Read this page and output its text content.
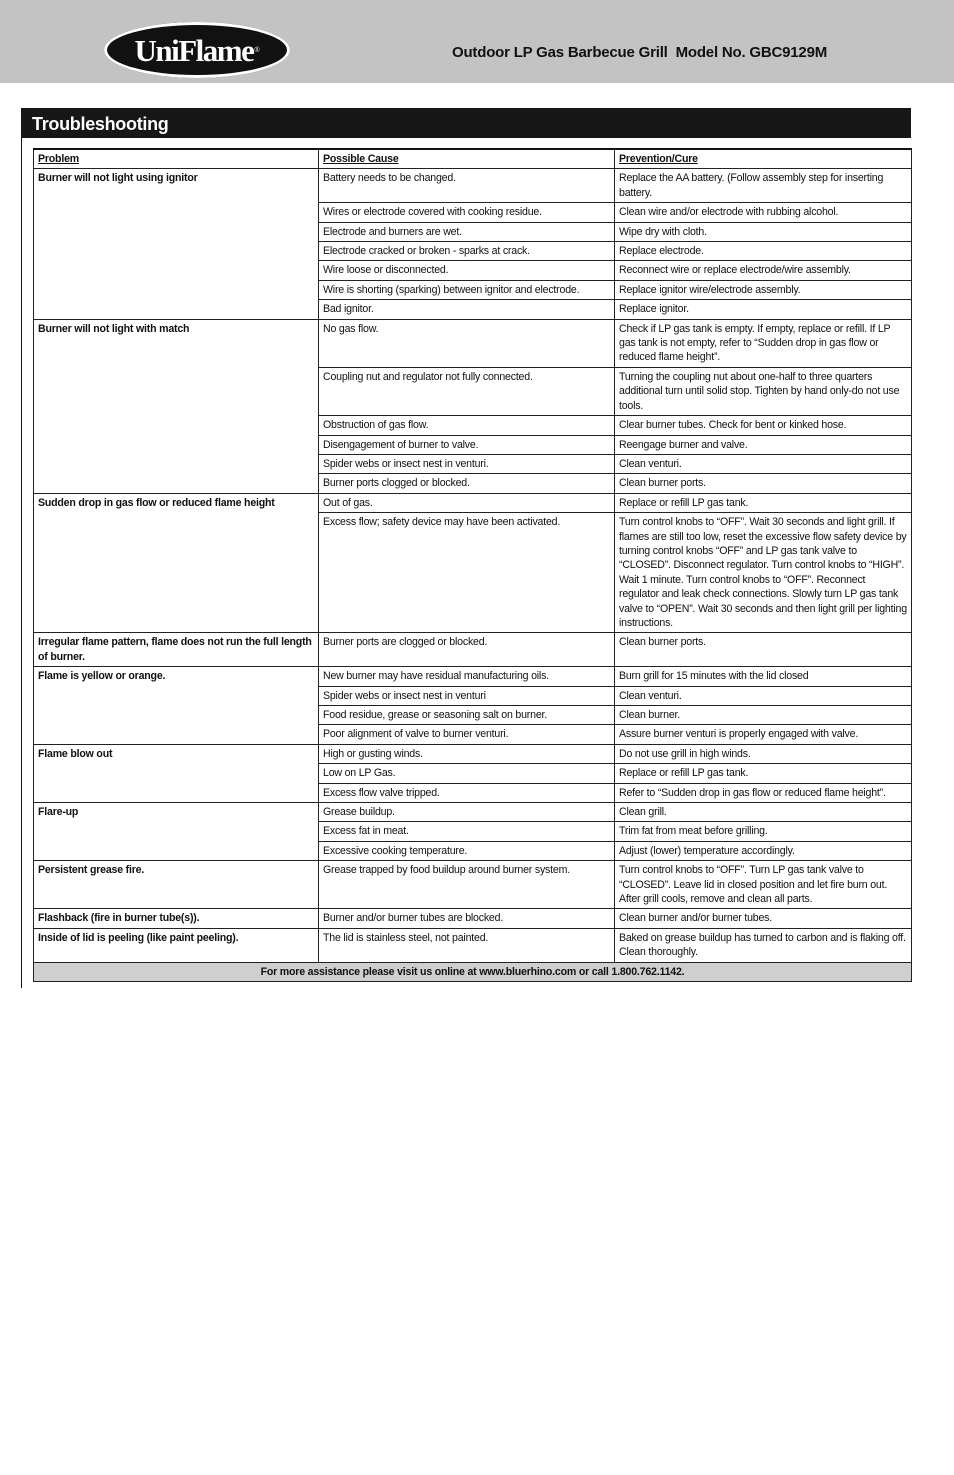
UniFlame ®	Outdoor LP Gas Barbecue Grill  Model No. GBC9129M
Troubleshooting
Problem	Possible Cause	Prevention/Cure
Burner will not light using ignitor	Battery needs to be changed.	Replace the AA battery. (Follow assembly step for inserting battery.
	Wires or electrode covered with cooking residue.	Clean wire and/or electrode with rubbing alcohol.
	Electrode and burners are wet.	Wipe dry with cloth.
	Electrode cracked or broken - sparks at crack.	Replace electrode.
	Wire loose or disconnected.	Reconnect wire or replace electrode/wire assembly.
	Wire is shorting (sparking) between ignitor and electrode.	Replace ignitor wire/electrode assembly.
	Bad ignitor.	Replace ignitor.
Burner will not light with match	No gas flow.	Check if LP gas tank is empty. If empty, replace or refill. If LP gas tank is not empty, refer to “Sudden drop in gas flow or reduced flame height”.
	Coupling nut and regulator not fully connected.	Turning the coupling nut about one-half to three quarters additional turn until solid stop. Tighten by hand only-do not use tools.
	Obstruction of gas flow.	Clear burner tubes. Check for bent or kinked hose.
	Disengagement of burner to valve.	Reengage burner and valve.
	Spider webs or insect nest in venturi.	Clean venturi.
	Burner ports clogged or blocked.	Clean burner ports.
Sudden drop in gas flow or reduced flame height	Out of gas.	Replace or refill LP gas tank.
	Excess flow; safety device may have been activated.	Turn control knobs to “OFF”. Wait 30 seconds and light grill. If flames are still too low, reset the excessive flow safety device by turning control knobs “OFF” and LP gas tank valve to “CLOSED”. Disconnect regulator. Turn control knobs to “HIGH”. Wait 1 minute. Turn control knobs to “OFF”. Reconnect regulator and leak check connections. Slowly turn LP gas tank valve to “OPEN”. Wait 30 seconds and then light grill per lighting instructions.
Irregular flame pattern, flame does not run the full length of burner.	Burner ports are clogged or blocked.	Clean burner ports.
Flame is yellow or orange.	New burner may have residual manufacturing oils.	Burn grill for 15 minutes with the lid closed
	Spider webs or insect nest in venturi	Clean venturi.
	Food residue, grease or seasoning salt on burner.	Clean burner.
	Poor alignment of valve to burner venturi.	Assure burner venturi is properly engaged with valve.
Flame blow out	High or gusting winds.	Do not use grill in high winds.
	Low on LP Gas.	Replace or refill LP gas tank.
	Excess flow valve tripped.	Refer to “Sudden drop in gas flow or reduced flame height”.
Flare-up	Grease buildup.	Clean grill.
	Excess fat in meat.	Trim fat from meat before grilling.
	Excessive cooking temperature.	Adjust (lower) temperature accordingly.
Persistent grease fire.	Grease trapped by food buildup around burner system.	Turn control knobs to “OFF”. Turn LP gas tank valve to “CLOSED”. Leave lid in closed position and let fire burn out. After grill cools, remove and clean all parts.
Flashback (fire in burner tube(s)).	Burner and/or burner tubes are blocked.	Clean burner and/or burner tubes.
Inside of lid is peeling (like paint peeling).	The lid is stainless steel, not painted.	Baked on grease buildup has turned to carbon and is flaking off. Clean thoroughly.
For more assistance please visit us online at www.bluerhino.com or call 1.800.762.1142.		
